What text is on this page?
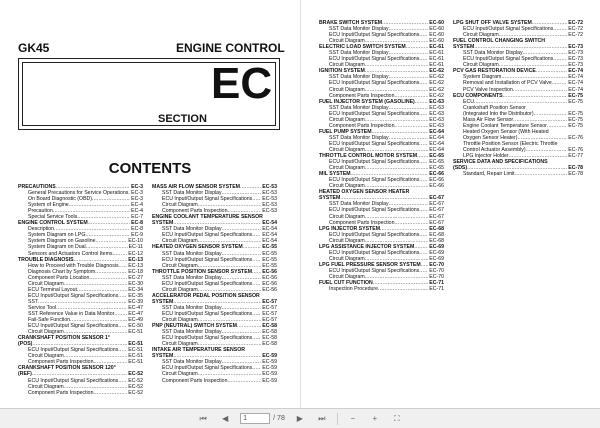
GK45	ENGINE CONTROL
SECTION
EC
CONTENTS
PRECAUTIONS .....	EC-3
General Precautions for Service Operations ..... EC-3
On Board Diagnostic (OBD) .....	EC-3
System of Engine .....	EC-4
Precaution .....	EC-4
Special Service Tools .....	EC-7
ENGINE CONTROL SYSTEM .....	EC-8
Description .....	EC-8
System Diagram on LPG .....	EC-9
System Diagram on Gasoline .....	EC-10
System Diagram on Dual .....	EC-11
Sensors and Actuators Control Items .....	EC-12
TROUBLE DIAGNOSIS .....	EC-13
How to Proceed with Trouble Diagnosis ..... EC-13
Diagnosis Chart by Symptom .....	EC-18
Component Parts Location .....	EC-27
Circuit Diagram .....	EC-30
ECU Terminal Layout .....	EC-34
ECU Input/Output Signal Specifications ..... EC-35
SST .....	EC-39
Service Tool .....	EC-47
SST Reference Value in Data Monitor .....	EC-47
Fail-Safe Function .....	EC-49
ECU Input/Output Signal Specifications ..... EC-50
Circuit Diagram .....	EC-51
CRANKSHAFT POSITION SENSOR 1°
(POS) .....	EC-51
ECU Input/Output Signal Specifications ..... EC-51
Circuit Diagram .....	EC-51
Component Parts Inspection .....	EC-51
CRANKSHAFT POSITION SENSOR 120°
(REF) .....	EC-52
ECU Input/Output Signal Specifications ..... EC-52
Circuit Diagram .....	EC-52
Component Parts Inspection .....	EC-52
MASS AIR FLOW SENSOR SYSTEM .....	EC-53
SST Data Monitor Display .....	EC-53
ECU Input/Output Signal Specifications ..... EC-53
Circuit Diagram .....	EC-53
Component Parts Inspection .....	EC-53
ENGINE COOLANT TEMPERATURE SENSOR
SYSTEM .....	EC-54
SST Data Monitor Display .....	EC-54
ECU Input/Output Signal Specifications ..... EC-54
Circuit Diagram .....	EC-54
HEATED OXYGEN SENSOR SYSTEM .....	EC-55
SST Data Monitor Display .....	EC-55
ECU Input/Output Signal Specifications ..... EC-55
Circuit Diagram .....	EC-55
THROTTLE POSITION SENSOR SYSTEM ..... EC-56
SST Data Monitor Display .....	EC-56
ECU Input/Output Signal Specifications ..... EC-56
Circuit Diagram .....	EC-56
ACCELERATOR PEDAL POSITION SENSOR
SYSTEM .....	EC-57
SST Data Monitor Display .....	EC-57
ECU Input/Output Signal Specifications ..... EC-57
Circuit Diagram .....	EC-57
PNP (NEUTRAL) SWITCH SYSTEM .....	EC-58
SST Data Monitor Display .....	EC-58
ECU Input/Output Signal Specifications ..... EC-58
Circuit Diagram .....	EC-58
INTAKE AIR TEMPERATURE SENSOR
SYSTEM .....	EC-59
SST Data Monitor Display .....	EC-59
ECU Input/Output Signal Specifications ..... EC-59
Circuit Diagram .....	EC-59
Component Parts Inspection .....	EC-59
BRAKE SWITCH SYSTEM .....	EC-60
SST Data Monitor Display .....	EC-60
ECU Input/Output Signal Specifications ..... EC-60
Circuit Diagram .....	EC-60
ELECTRIC LOAD SWITCH SYSTEM .....	EC-61
SST Data Monitor Display .....	EC-61
ECU Input/Output Signal Specifications ..... EC-61
Circuit Diagram .....	EC-61
IGNITION SYSTEM .....	EC-62
SST Data Monitor Display .....	EC-62
ECU Input/Output Signal Specifications ..... EC-62
Circuit Diagram .....	EC-62
Component Parts Inspection .....	EC-62
FUEL INJECTOR SYSTEM (GASOLINE) .....	EC-63
SST Data Monitor Display .....	EC-63
ECU Input/Output Signal Specifications ..... EC-63
Circuit Diagram .....	EC-63
Component Parts Inspection .....	EC-63
FUEL PUMP SYSTEM .....	EC-64
SST Data Monitor Display .....	EC-64
ECU Input/Output Signal Specifications ..... EC-64
Circuit Diagram .....	EC-64
THROTTLE CONTROL MOTOR SYSTEM ..... EC-65
ECU Input/Output Signal Specifications ..... EC-65
Circuit Diagram .....	EC-65
MIL SYSTEM .....	EC-66
ECU Input/Output Signal Specifications ..... EC-66
Circuit Diagram .....	EC-66
HEATED OXYGEN SENSOR HEATER
SYSTEM .....	EC-67
SST Data Monitor Display .....	EC-67
ECU Input/Output Signal Specifications ..... EC-67
Circuit Diagram .....	EC-67
Component Parts Inspection .....	EC-67
LPG INJECTOR SYSTEM .....	EC-68
ECU Input/Output Signal Specifications ..... EC-68
Circuit Diagram .....	EC-68
LPG ASSISTANCE INJECTOR SYSTEM .....	EC-69
ECU Input/Output Signal Specifications ..... EC-69
Circuit Diagram .....	EC-69
LPG FUEL PRESSURE SENSOR SYSTEM ..... EC-70
ECU Input/Output Signal Specifications ..... EC-70
Circuit Diagram .....	EC-70
FUEL CUT FUNCTION .....	EC-71
Inspection Procedure .....	EC-71
LPG SHUT OFF VALVE SYSTEM .....	EC-72
ECU Input/Output Signal Specifications .....	EC-72
Circuit Diagram .....	EC-72
FUEL CONTROL CHANGING SWITCH
SYSTEM .....	EC-73
SST Data Monitor Display .....	EC-73
ECU Input/Output Signal Specifications .....	EC-73
Circuit Diagram .....	EC-73
PCV GAS RESTORATION DEVICE .....	EC-74
System Diagram .....	EC-74
Removal and Installation of PCV Valve .....	EC-74
PCV Valve Inspection .....	EC-74
ECU COMPONENTS .....	EC-75
ECU .....	EC-75
Crankshaft Position Sensor
(Integrated Into the Distributor) .....	EC-75
Mass Air Flow Sensor .....	EC-75
Engine Coolant Temperature Sensor .....	EC-75
Heated Oxygen Sensor (With Heated
Oxygen Sensor Heater) .....	EC-76
Throttle Position Sensor (Electric Throttle
Control Actuator Assembly) .....	EC-76
LPG Injector Holder .....	EC-77
SERVICE DATA AND SPECIFICATIONS
(SDS) .....	EC-78
Standard, Repair Limit .....	EC-78
⏮	◀	1	/ 78	▶	⏭	−	+	⛶
